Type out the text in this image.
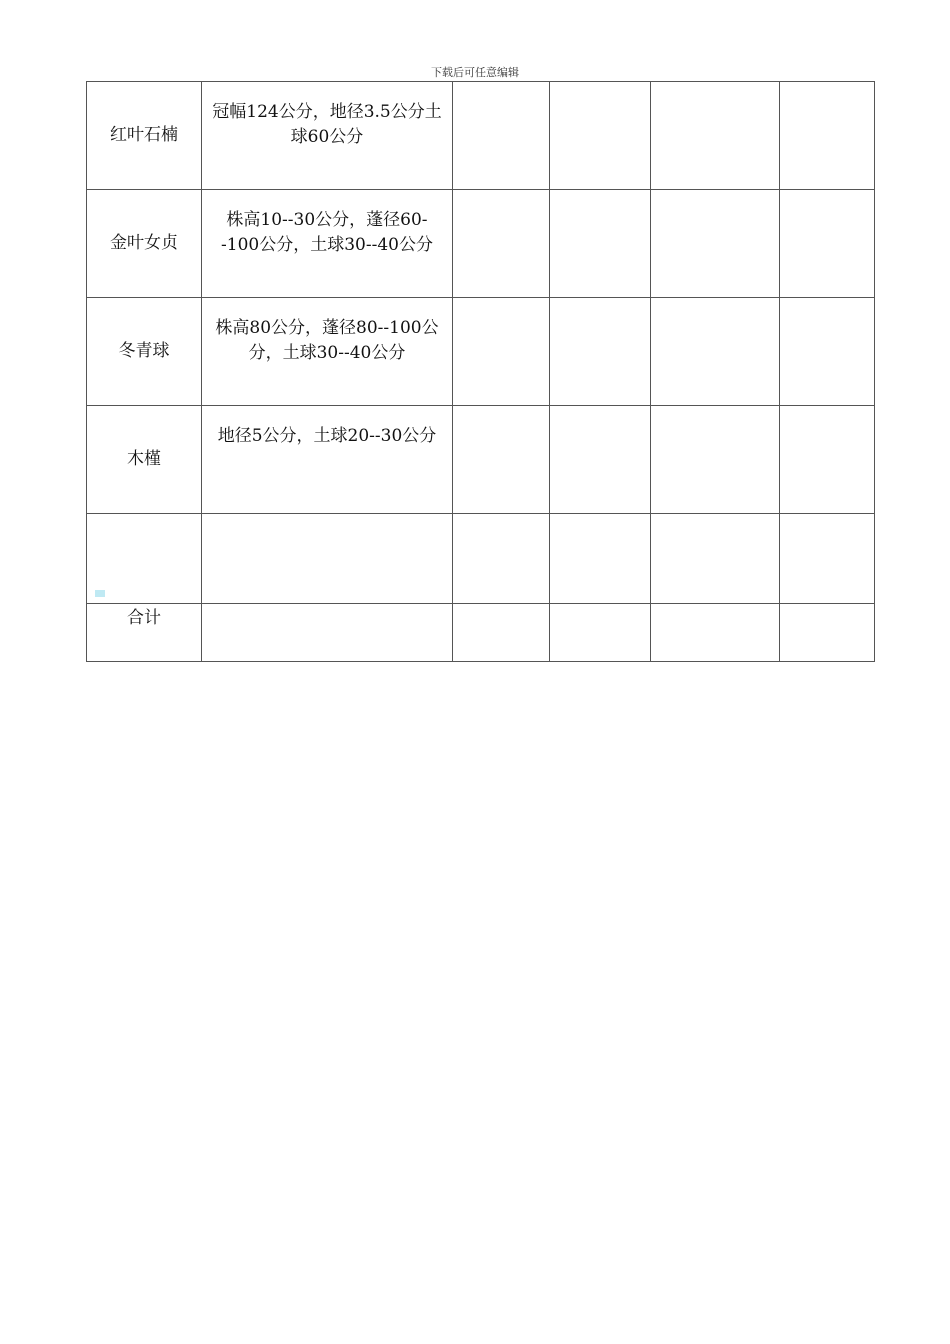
下载后可任意编辑
红叶石楠	冠幅124公分，地径3.5公分土球60公分				
金叶女贞	株高10--30公分，蓬径60--100公分，土球30--40公分				
冬青球	株高80公分，蓬径80--100公分，土球30--40公分				
木槿	地径5公分，土球20--30公分				

合计					
